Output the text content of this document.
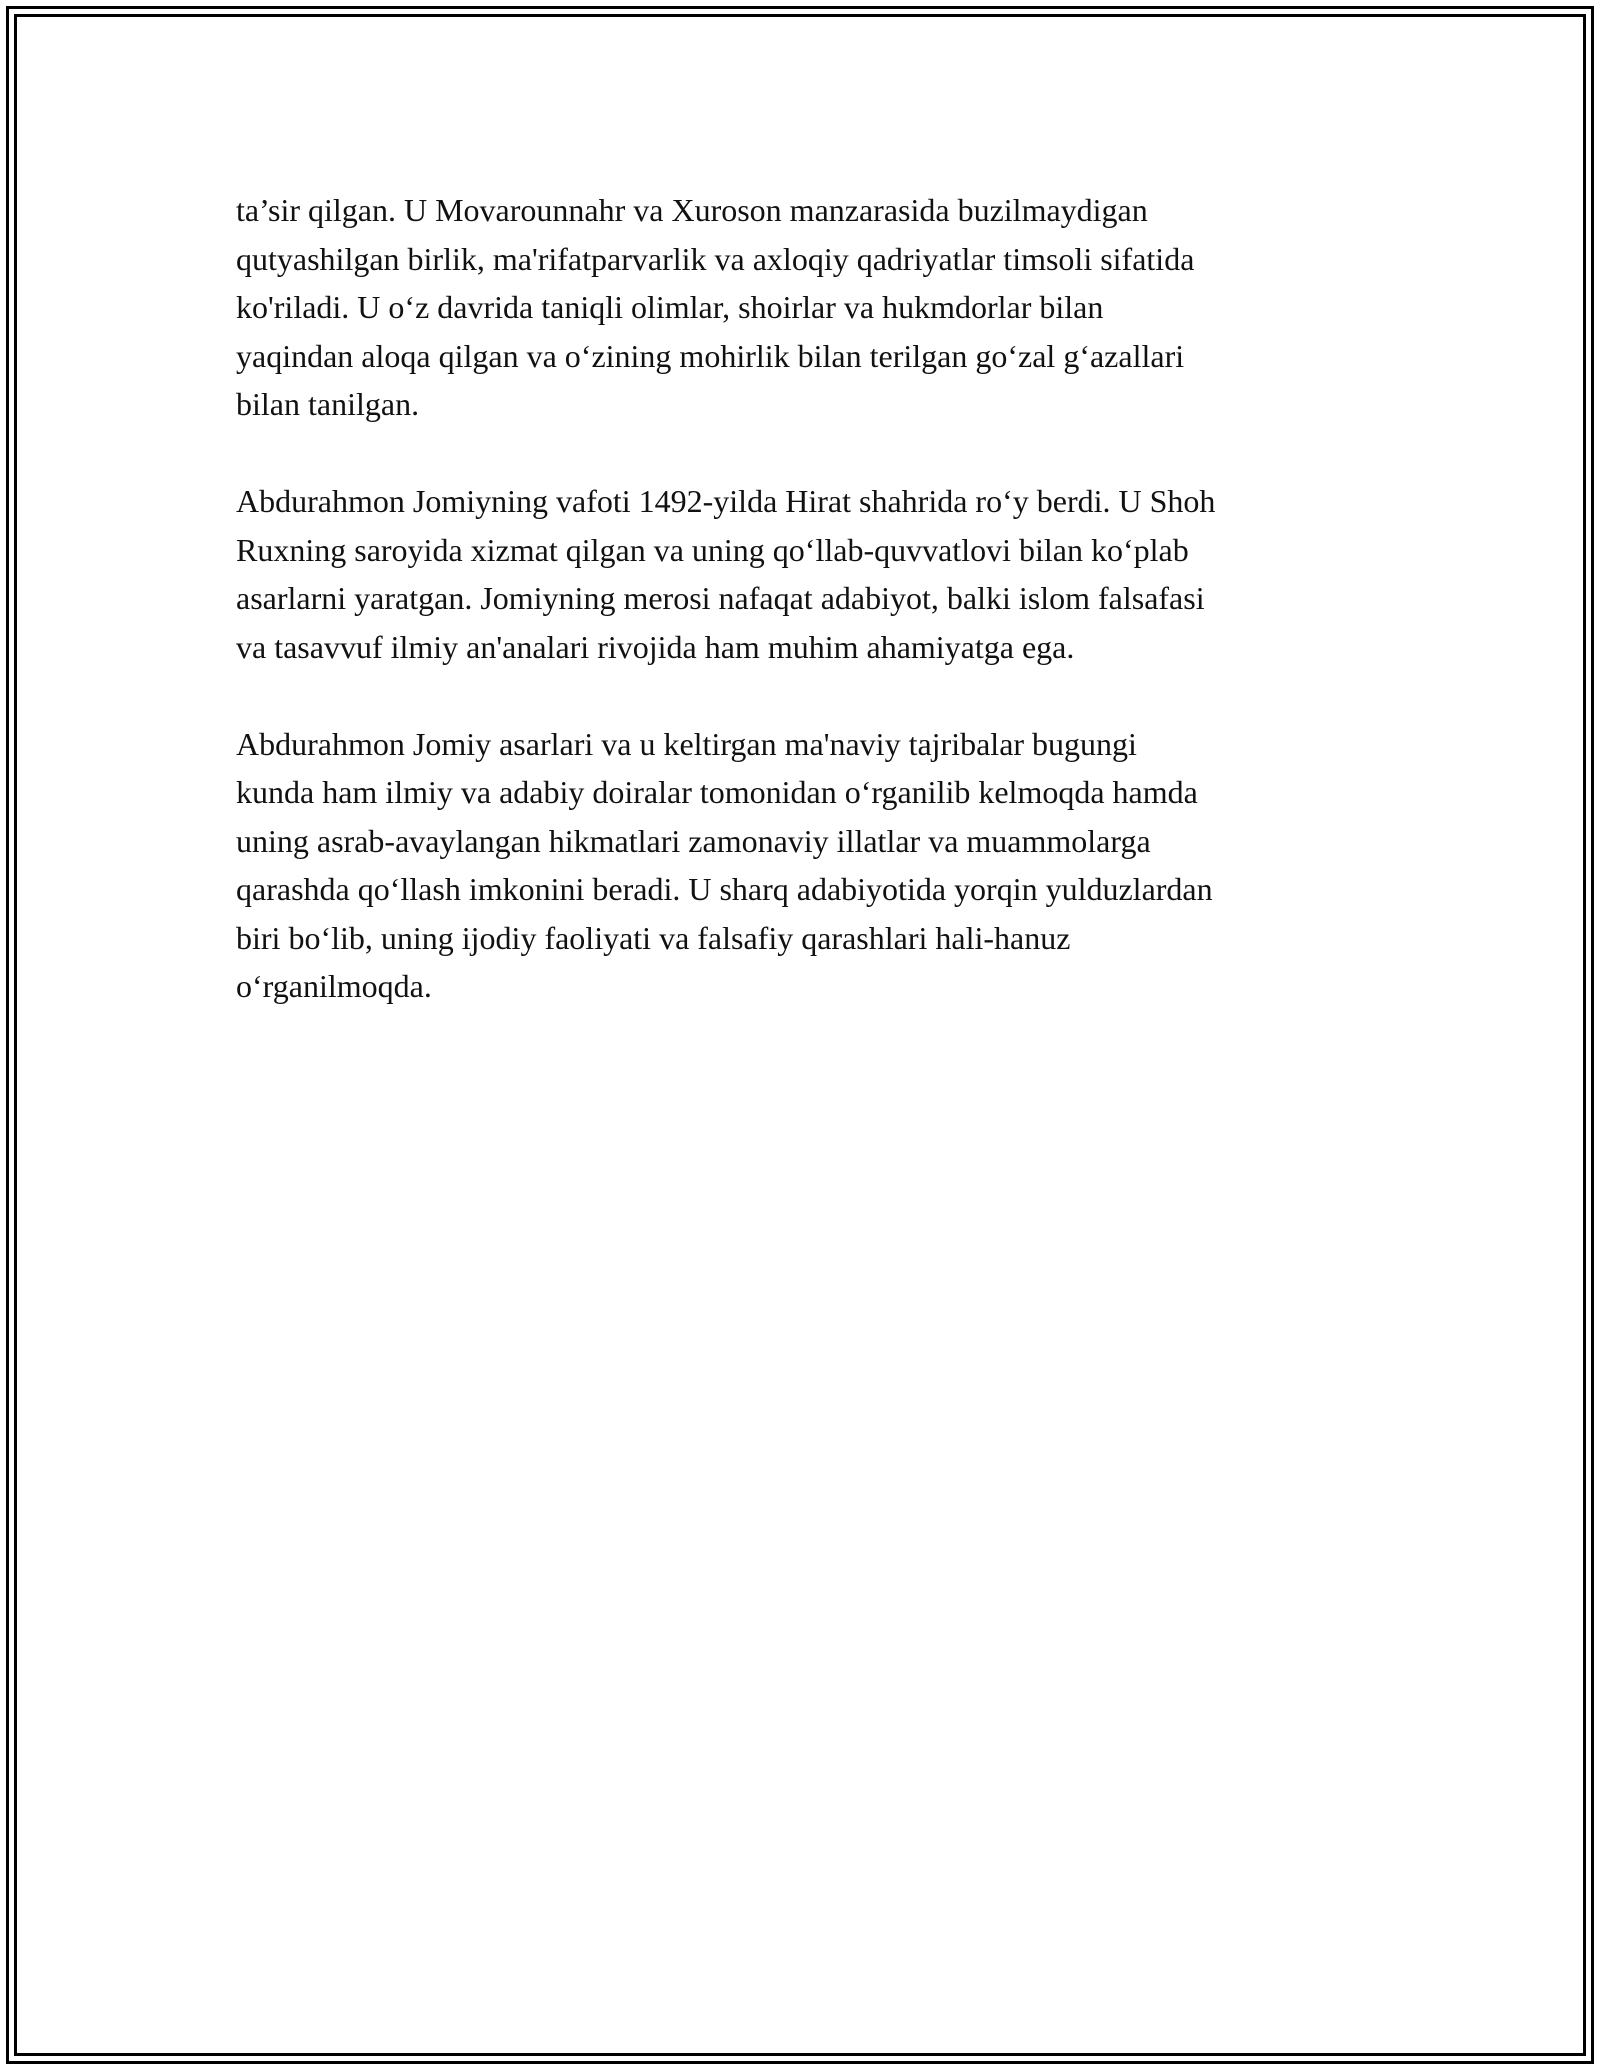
ta’sir qilgan. U Movarounnahr va Xuroson manzarasida buzilmaydigan
qutyashilgan birlik, ma'rifatparvarlik va axloqiy qadriyatlar timsoli sifatida
ko'riladi. U o‘z davrida taniqli olimlar, shoirlar va hukmdorlar bilan
yaqindan aloqa qilgan va o‘zining mohirlik bilan terilgan go‘zal g‘azallari
bilan tanilgan.

Abdurahmon Jomiyning vafoti 1492-yilda Hirat shahrida ro‘y berdi. U Shoh
Ruxning saroyida xizmat qilgan va uning qo‘llab-quvvatlovi bilan ko‘plab
asarlarni yaratgan. Jomiyning merosi nafaqat adabiyot, balki islom falsafasi
va tasavvuf ilmiy an'analari rivojida ham muhim ahamiyatga ega.

Abdurahmon Jomiy asarlari va u keltirgan ma'naviy tajribalar bugungi
kunda ham ilmiy va adabiy doiralar tomonidan o‘rganilib kelmoqda hamda
uning asrab-avaylangan hikmatlari zamonaviy illatlar va muammolarga
qarashda qo‘llash imkonini beradi. U sharq adabiyotida yorqin yulduzlardan
biri bo‘lib, uning ijodiy faoliyati va falsafiy qarashlari hali-hanuz
o‘rganilmoqda.
